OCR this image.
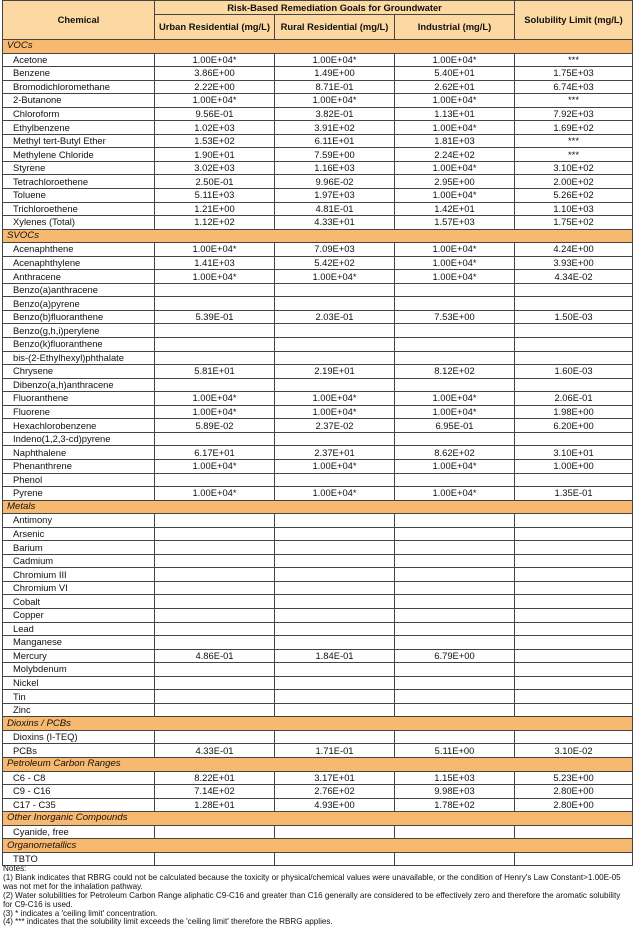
Chemical	Risk-Based Remediation Goals for Groundwater			Solubility Limit (mg/L)
	Urban Residential (mg/L)	Rural Residential (mg/L)	Industrial (mg/L)	
VOCs				
Acetone	1.00E+04*	1.00E+04*	1.00E+04*	***
Benzene	3.86E+00	1.49E+00	5.40E+01	1.75E+03
Bromodichloromethane	2.22E+00	8.71E-01	2.62E+01	6.74E+03
2-Butanone	1.00E+04*	1.00E+04*	1.00E+04*	***
Chloroform	9.56E-01	3.82E-01	1.13E+01	7.92E+03
Ethylbenzene	1.02E+03	3.91E+02	1.00E+04*	1.69E+02
Methyl tert-Butyl Ether	1.53E+02	6.11E+01	1.81E+03	***
Methylene Chloride	1.90E+01	7.59E+00	2.24E+02	***
Styrene	3.02E+03	1.16E+03	1.00E+04*	3.10E+02
Tetrachloroethene	2.50E-01	9.96E-02	2.95E+00	2.00E+02
Toluene	5.11E+03	1.97E+03	1.00E+04*	5.26E+02
Trichloroethene	1.21E+00	4.81E-01	1.42E+01	1.10E+03
Xylenes (Total)	1.12E+02	4.33E+01	1.57E+03	1.75E+02
SVOCs				
Acenaphthene	1.00E+04*	7.09E+03	1.00E+04*	4.24E+00
Acenaphthylene	1.41E+03	5.42E+02	1.00E+04*	3.93E+00
Anthracene	1.00E+04*	1.00E+04*	1.00E+04*	4.34E-02
Benzo(a)anthracene				
Benzo(a)pyrene				
Benzo(b)fluoranthene	5.39E-01	2.03E-01	7.53E+00	1.50E-03
Benzo(g,h,i)perylene				
Benzo(k)fluoranthene				
bis-(2-Ethylhexyl)phthalate				
Chrysene	5.81E+01	2.19E+01	8.12E+02	1.60E-03
Dibenzo(a,h)anthracene				
Fluoranthene	1.00E+04*	1.00E+04*	1.00E+04*	2.06E-01
Fluorene	1.00E+04*	1.00E+04*	1.00E+04*	1.98E+00
Hexachlorobenzene	5.89E-02	2.37E-02	6.95E-01	6.20E+00
Indeno(1,2,3-cd)pyrene				
Naphthalene	6.17E+01	2.37E+01	8.62E+02	3.10E+01
Phenanthrene	1.00E+04*	1.00E+04*	1.00E+04*	1.00E+00
Phenol				
Pyrene	1.00E+04*	1.00E+04*	1.00E+04*	1.35E-01
Metals				
Antimony				
Arsenic				
Barium				
Cadmium				
Chromium III				
Chromium VI				
Cobalt				
Copper				
Lead				
Manganese				
Mercury	4.86E-01	1.84E-01	6.79E+00	
Molybdenum				
Nickel				
Tin				
Zinc				
Dioxins / PCBs				
Dioxins (I-TEQ)				
PCBs	4.33E-01	1.71E-01	5.11E+00	3.10E-02
Petroleum Carbon Ranges				
C6 - C8	8.22E+01	3.17E+01	1.15E+03	5.23E+00
C9 - C16	7.14E+02	2.76E+02	9.98E+03	2.80E+00
C17 - C35	1.28E+01	4.93E+00	1.78E+02	2.80E+00
Other Inorganic Compounds				
Cyanide, free				
Organometallics				
TBTO				
Notes:
(1) Blank indicates that RBRG could not be calculated because the toxicity or physical/chemical values were unavailable, or the condition of Henry's Law Constant>1.00E-05 was not met for the inhalation pathway.
(2) Water solubilities for Petroleum Carbon Range aliphatic C9-C16 and greater than C16 generally are considered to be effectively zero and therefore the aromatic solubility for C9-C16 is used.
(3) * indicates a 'ceiling limit' concentration.
(4) *** indicates that the solubility limit exceeds the 'ceiling limit' therefore the RBRG applies.
